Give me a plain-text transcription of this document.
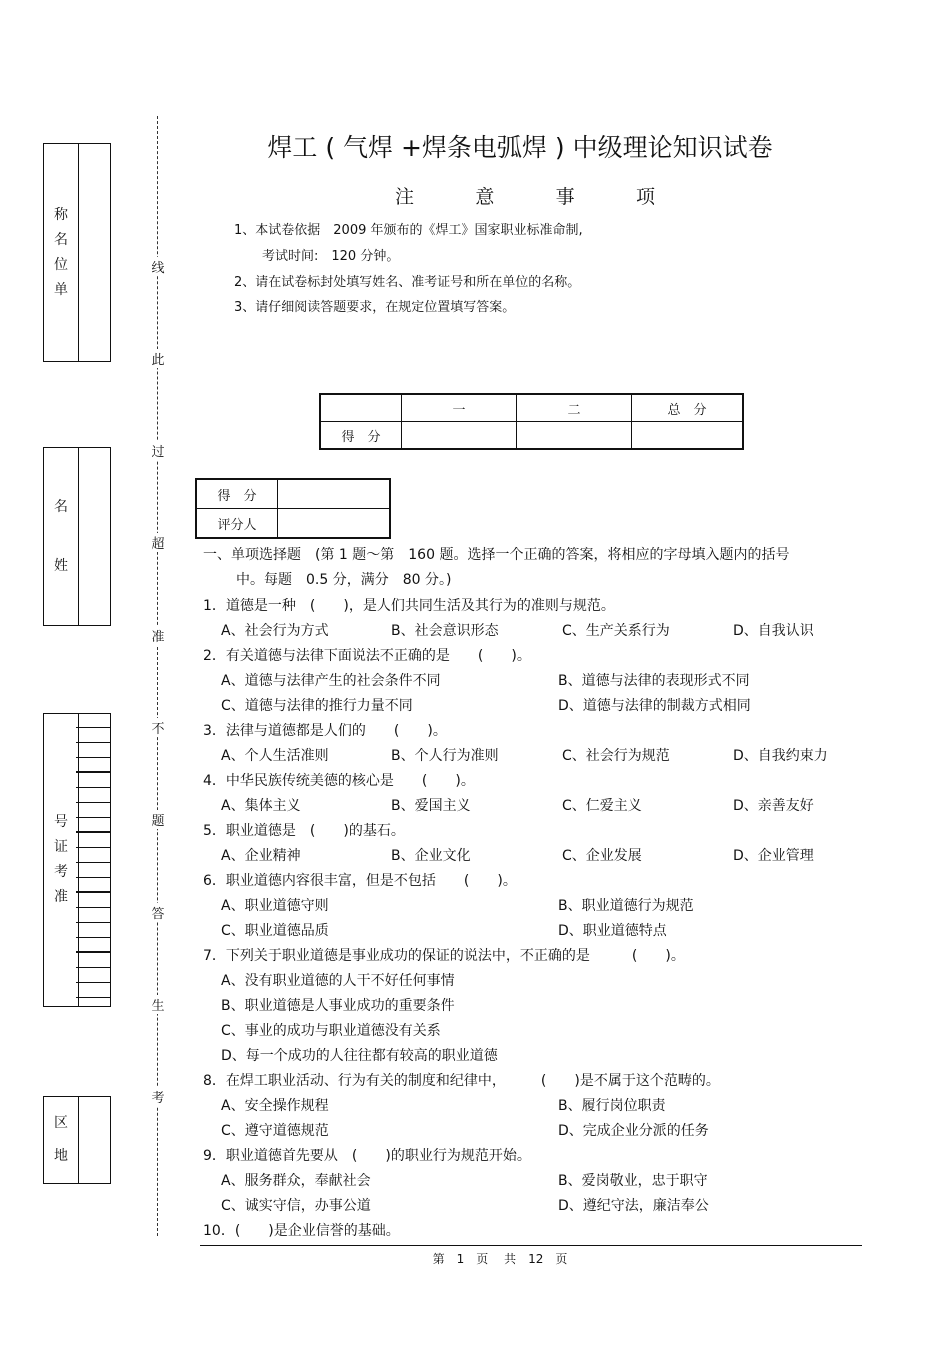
称
名
位
单
名
姓
号
证
考
准
区
地
线
此
过
超
准
不
题
答
生
考
焊工 ( 气焊 +焊条电弧焊 ) 中级理论知识试卷
注	意	事	项
1、本试卷依据　2009 年颁布的《焊工》国家职业标准命制,
考试时间:　120 分钟。
2、请在试卷标封处填写姓名、准考证号和所在单位的名称。
3、请仔细阅读答题要求，在规定位置填写答案。
	一	二	总　分
得　分			
得　分	
评分人	
一、单项选择题　(第 1 题～第　160 题。选择一个正确的答案，将相应的字母填入题内的括号
中。每题　0.5 分，满分　80 分。)
1．道德是一种　(　　)，是人们共同生活及其行为的准则与规范。
A、社会行为方式	B、社会意识形态	C、生产关系行为	D、自我认识
2．有关道德与法律下面说法不正确的是　　(　　)。
A、道德与法律产生的社会条件不同	B、道德与法律的表现形式不同
C、道德与法律的推行力量不同	D、道德与法律的制裁方式相同
3．法律与道德都是人们的　　(　　)。
A、个人生活准则	B、个人行为准则	C、社会行为规范	D、自我约束力
4．中华民族传统美德的核心是　　(　　)。
A、集体主义	B、爱国主义	C、仁爱主义	D、亲善友好
5．职业道德是　(　　)的基石。
A、企业精神	B、企业文化	C、企业发展	D、企业管理
6．职业道德内容很丰富，但是不包括　　(　　)。
A、职业道德守则	B、职业道德行为规范
C、职业道德品质	D、职业道德特点
7．下列关于职业道德是事业成功的保证的说法中，不正确的是　　　(　　)。
A、没有职业道德的人干不好任何事情
B、职业道德是人事业成功的重要条件
C、事业的成功与职业道德没有关系
D、每一个成功的人往往都有较高的职业道德
8．在焊工职业活动、行为有关的制度和纪律中，　　　(　　)是不属于这个范畴的。
A、安全操作规程	B、履行岗位职责
C、遵守道德规范	D、完成企业分派的任务
9．职业道德首先要从　(　　)的职业行为规范开始。
A、服务群众，奉献社会	B、爱岗敬业，忠于职守
C、诚实守信，办事公道	D、遵纪守法，廉洁奉公
10．(　　)是企业信誉的基础。
第　1　页　 共　12　页
